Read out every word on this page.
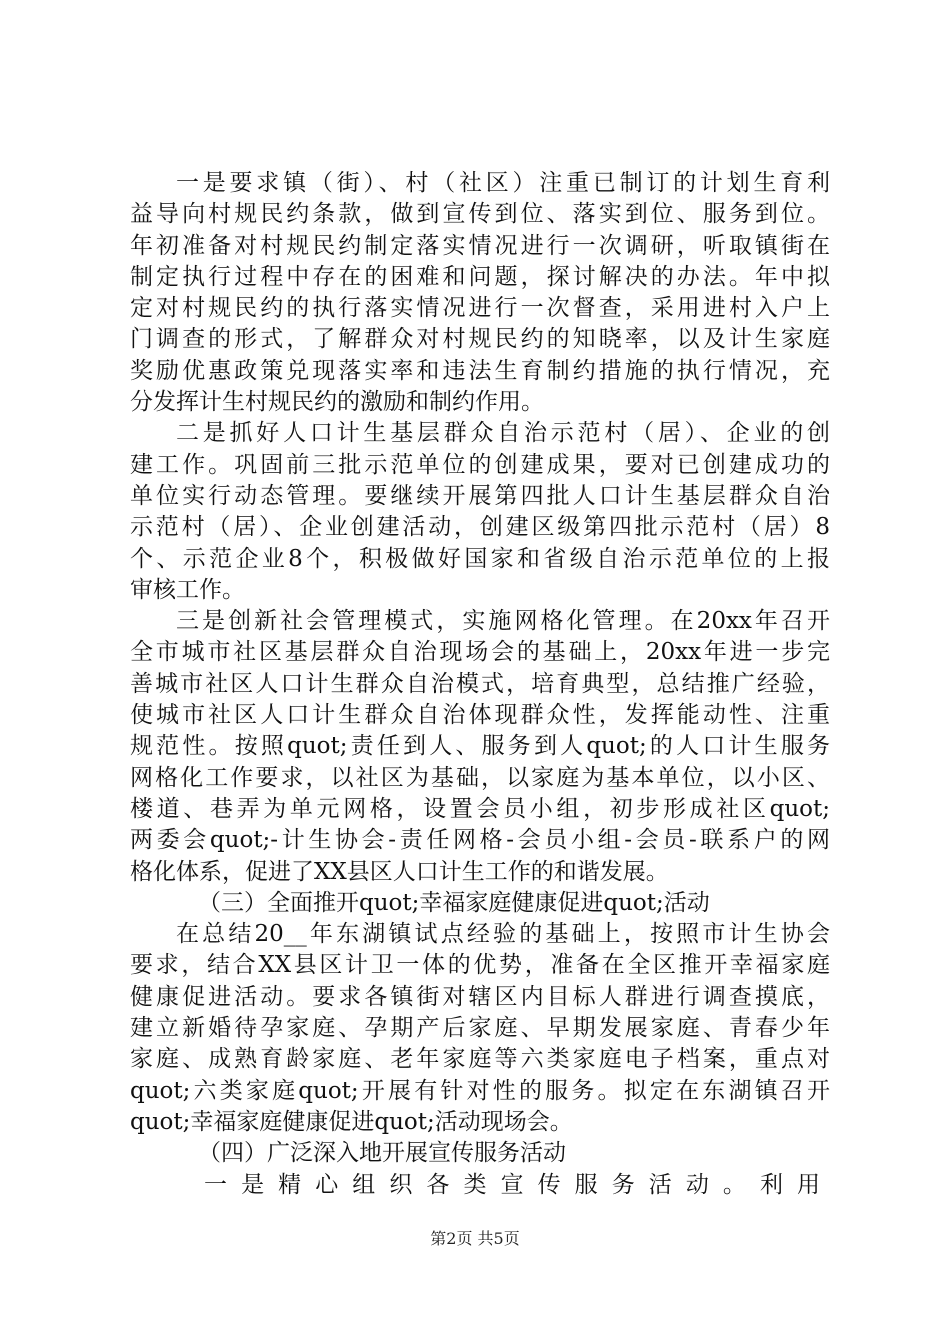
一是要求镇（街）、村（社区）注重已制订的计划生育利
益导向村规民约条款，做到宣传到位、落实到位、服务到位。
年初准备对村规民约制定落实情况进行一次调研，听取镇街在
制定执行过程中存在的困难和问题，探讨解决的办法。年中拟
定对村规民约的执行落实情况进行一次督查，采用进村入户上
门调查的形式，了解群众对村规民约的知晓率，以及计生家庭
奖励优惠政策兑现落实率和违法生育制约措施的执行情况，充
分发挥计生村规民约的激励和制约作用。
二是抓好人口计生基层群众自治示范村（居）、企业的创
建工作。巩固前三批示范单位的创建成果，要对已创建成功的
单位实行动态管理。要继续开展第四批人口计生基层群众自治
示范村（居）、企业创建活动，创建区级第四批示范村（居）8
个、示范企业8个，积极做好国家和省级自治示范单位的上报
审核工作。
三是创新社会管理模式，实施网格化管理。在20xx年召开
全市城市社区基层群众自治现场会的基础上，20xx年进一步完
善城市社区人口计生群众自治模式，培育典型，总结推广经验，
使城市社区人口计生群众自治体现群众性，发挥能动性、注重
规范性。按照quot;责任到人、服务到人quot;的人口计生服务
网格化工作要求，以社区为基础，以家庭为基本单位，以小区、
楼道、巷弄为单元网格，设置会员小组，初步形成社区quot;
两委会quot;-计生协会-责任网格-会员小组-会员-联系户的网
格化体系，促进了XX县区人口计生工作的和谐发展。
（三）全面推开quot;幸福家庭健康促进quot;活动
在总结20__年东湖镇试点经验的基础上，按照市计生协会
要求，结合XX县区计卫一体的优势，准备在全区推开幸福家庭
健康促进活动。要求各镇街对辖区内目标人群进行调查摸底，
建立新婚待孕家庭、孕期产后家庭、早期发展家庭、青春少年
家庭、成熟育龄家庭、老年家庭等六类家庭电子档案，重点对
quot;六类家庭quot;开展有针对性的服务。拟定在东湖镇召开
quot;幸福家庭健康促进quot;活动现场会。
（四）广泛深入地开展宣传服务活动
一是精心组织各类宣传服务活动。利用
第2页 共5页
